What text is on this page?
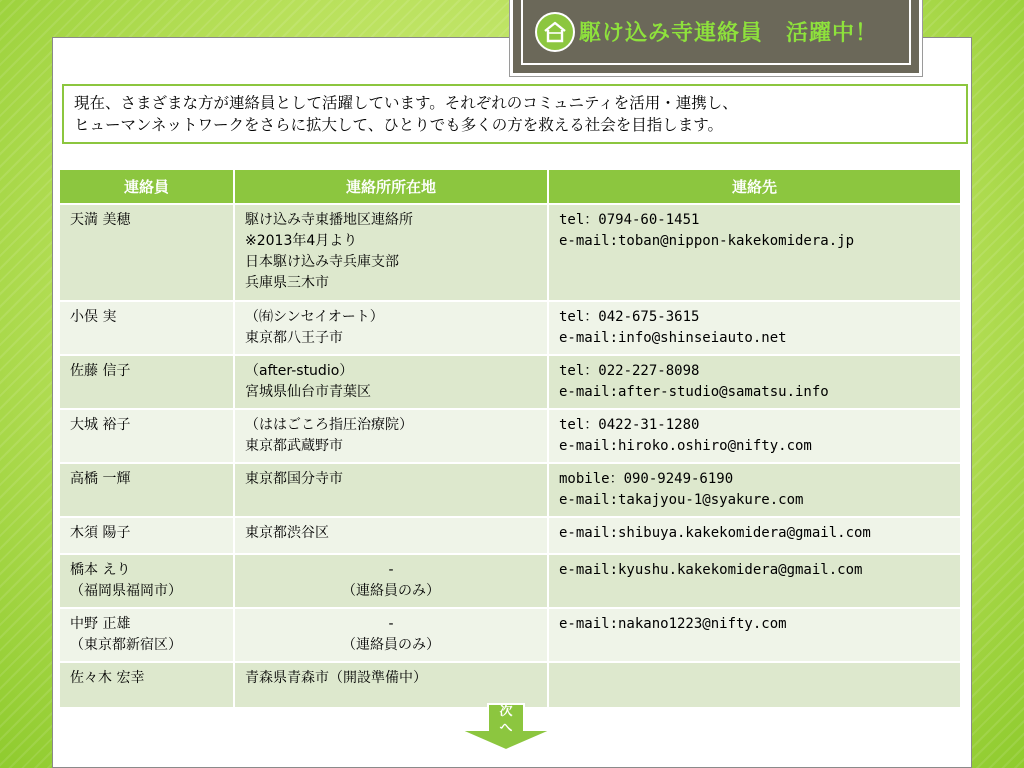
駆け込み寺連絡員　活躍中！
現在、さまざまな方が連絡員として活躍しています。それぞれのコミュニティを活用・連携し、
ヒューマンネットワークをさらに拡大して、ひとりでも多くの方を救える社会を目指します。
連絡員	連絡所所在地	連絡先

天満 美穂	駆け込み寺東播地区連絡所
※2013年4月より
日本駆け込み寺兵庫支部
兵庫県三木市	tel：0794-60-1451
e-mail:toban@nippon-kakekomidera.jp

小俣 実	（㈲シンセイオート）
東京都八王子市	tel：042-675-3615
e-mail:info@shinseiauto.net

佐藤 信子	（after-studio）
宮城県仙台市青葉区	tel：022-227-8098
e-mail:after-studio@samatsu.info

大城 裕子	（ははごころ指圧治療院）
東京都武蔵野市	tel：0422-31-1280
e-mail:hiroko.oshiro@nifty.com

高橋 一輝	東京都国分寺市	mobile：090-9249-6190
e-mail:takajyou-1@syakure.com

木須 陽子	東京都渋谷区	e-mail:shibuya.kakekomidera@gmail.com

橋本 えり
（福岡県福岡市）	-
（連絡員のみ）	e-mail:kyushu.kakekomidera@gmail.com

中野 正雄
（東京都新宿区）	-
（連絡員のみ）	e-mail:nakano1223@nifty.com

佐々木 宏幸	青森県青森市（開設準備中）	

次
へ
